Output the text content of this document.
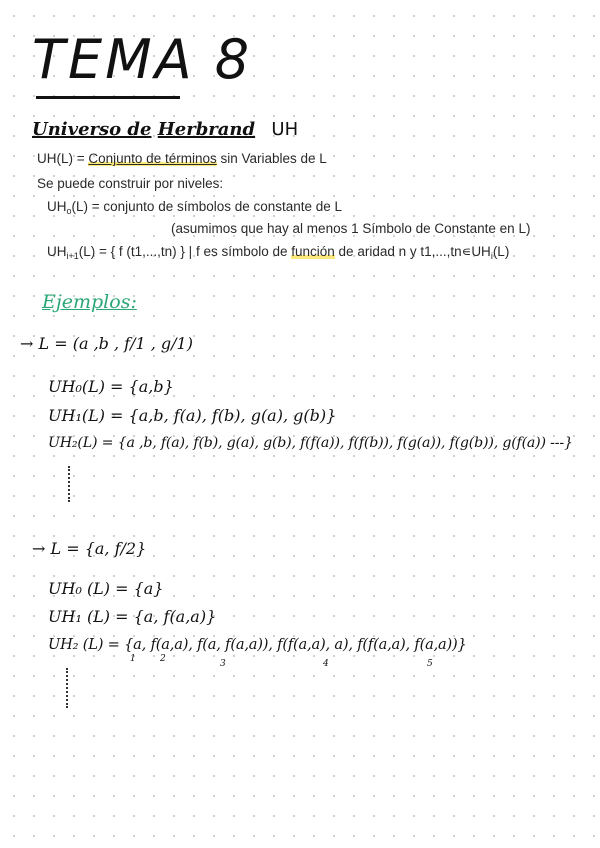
TEMA 8
Universo de Herbrand UH
UH(L) = Conjunto de términos sin Variables de L
Se puede construir por niveles:
$UH_o(L)$ = conjunto de símbolos de constante de L
(asumimos que hay al menos 1 Símbolo de Constante en L)
$UH_{i+1}(L)$ = { f (t1,...,tn) } | f es símbolo de función de aridad n y $t1,...,tn∊UH_i(L)$
Ejemplos:
→ L = (a ,b , f/1 , g/1)
UH₀(L) = {a,b}
UH₁(L) = {a,b, f(a), f(b), g(a), g(b)}
UH₂(L) = {a ,b, f(a), f(b), g(a), g(b), f(f(a)), f(f(b)), f(g(a)), f(g(b)), g(f(a)) ---}
→ L = {a, f/2}
UH₀ (L) = {a}
UH₁ (L) = {a, f(a,a)}
UH₂ (L) = {a, f(a,a), f(a, f(a,a)), f(f(a,a), a), f(f(a,a), f(a,a))}
1	2	3	4	5
